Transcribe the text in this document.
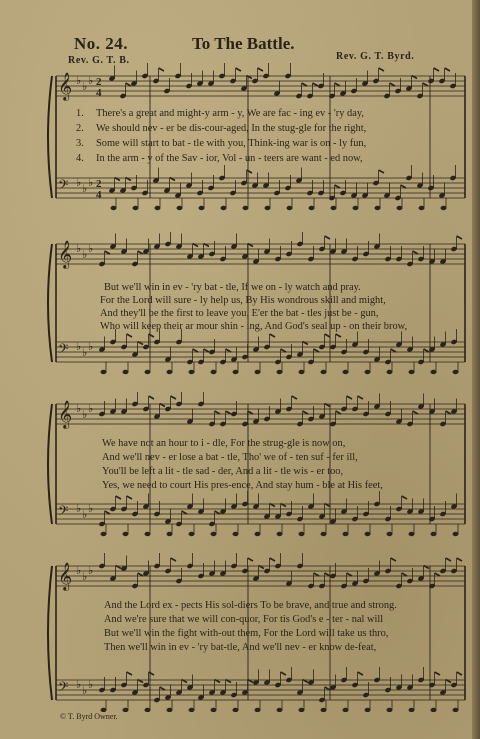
No. 24.	To The Battle.
Rev. G. T. B.	Rev. G. T. Byrd.
𝄞 ♭ ♭ ♭ 2
4
𝄢 ♭ ♭ ♭ 2
4
1. There's a great and might-y arm - y, We are fac - ing ev - 'ry day,
2. We should nev - er be dis-cour-aged, In the stug-gle for the right,
3. Some will start to bat - tle with you, Think-ing war is on - ly fun,
4. In the arm - y of the Sav - ior, Vol - un - teers are want - ed now,
𝄞 ♭ ♭ ♭
𝄢 ♭ ♭ ♭
But we'll win in ev - 'ry bat - tle, If we on - ly watch and pray.
For the Lord will sure - ly help us, By His wondrous skill and might,
And they'll be the first to leave you, E'er the bat - tles just be - gun,
Who will keep their ar mour shin - ing, And God's seal up - on their brow,
𝄞 ♭ ♭ ♭
𝄢 ♭ ♭ ♭
We have not an hour to i - dle, For the strug-gle is now on,
And we'll nev - er lose a bat - tle, Tho' we of - ten suf - fer ill,
You'll be left a lit - tle sad - der, And a lit - tle wis - er too,
Yes, we need to court His pres-ence, And stay hum - ble at His feet,
𝄞 ♭ ♭ ♭
𝄢 ♭ ♭ ♭
And the Lord ex - pects His sol-diers To be brave, and true and strong.
And we're sure that we will con-quor, For tis God's e - ter - nal will
But we'll win the fight with-out them, For the Lord will take us thro,
Then we'll win in ev - 'ry bat-tle, And we'll nev - er know de-feat,
© T. Byrd Owner.
